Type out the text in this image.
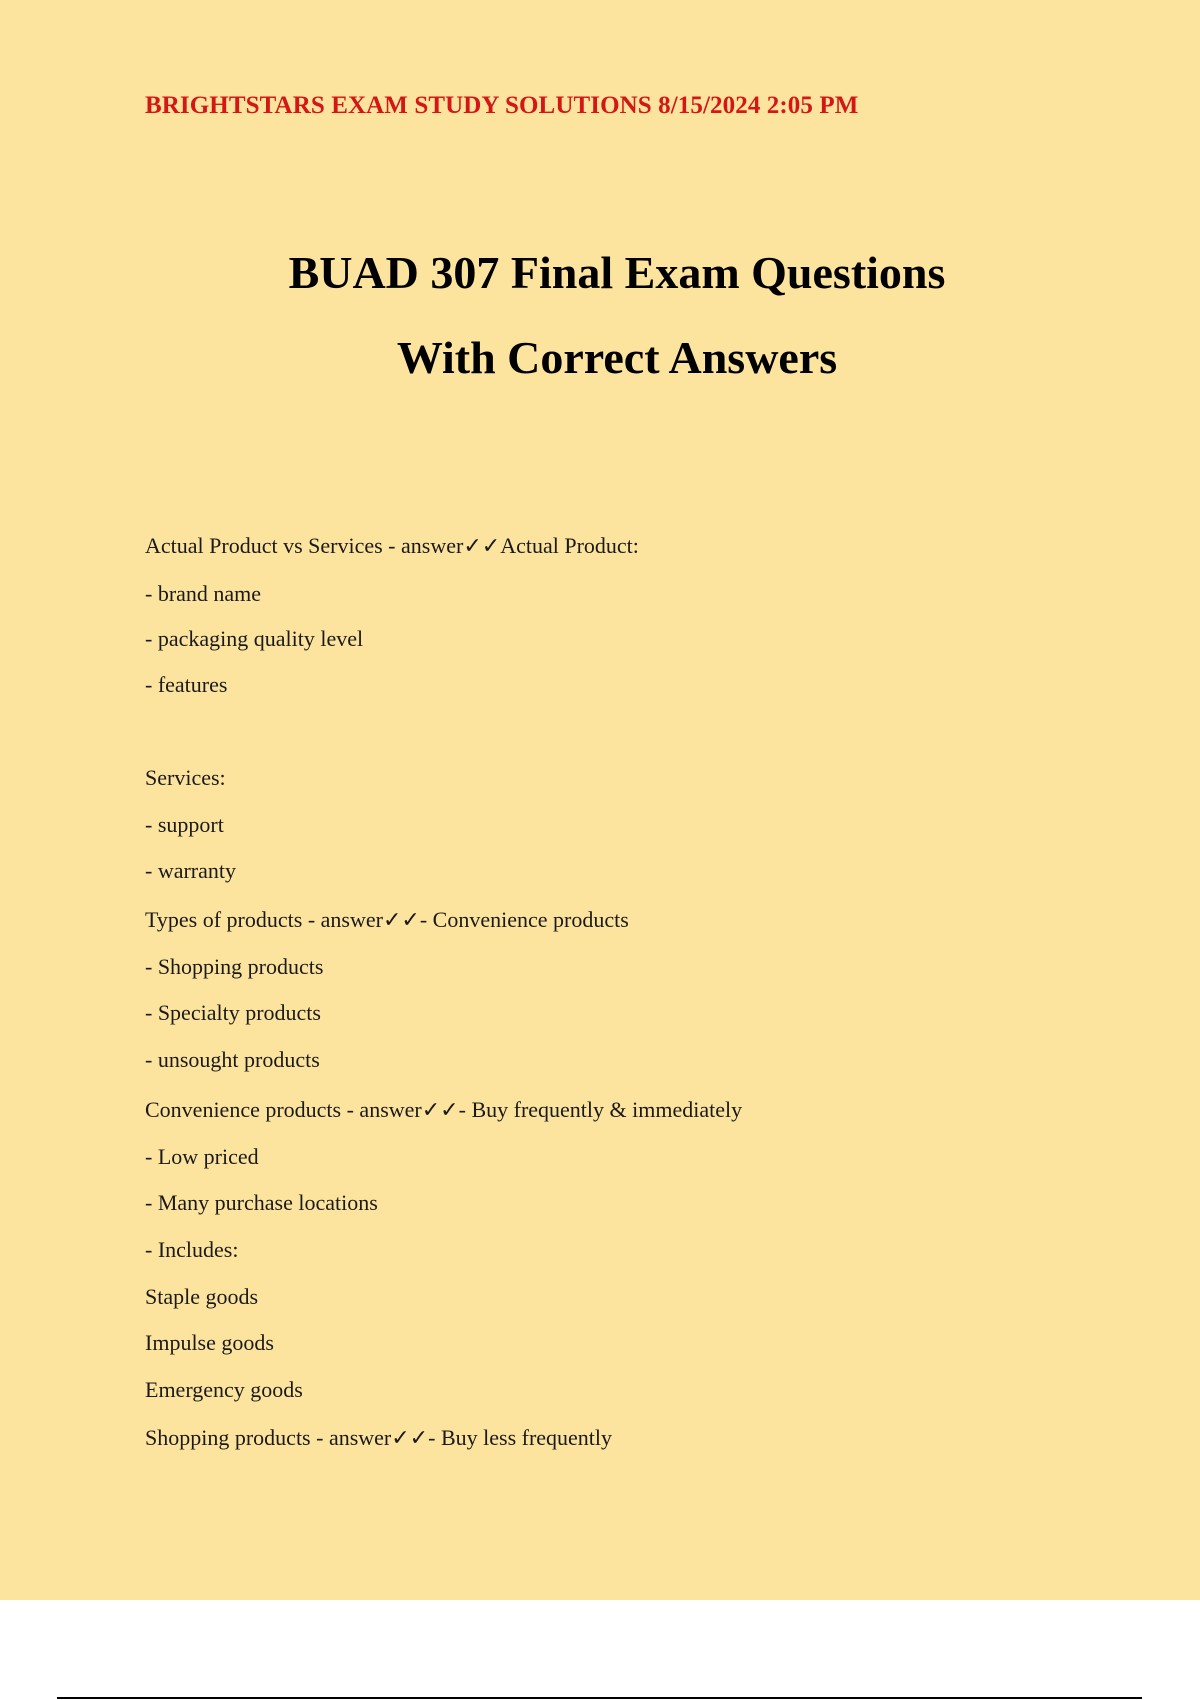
BRIGHTSTARS EXAM STUDY SOLUTIONS 8/15/2024 2:05 PM
BUAD 307 Final Exam Questions
With Correct Answers
Actual Product vs Services - answer✓✓Actual Product:
- brand name
- packaging quality level
- features
Services:
- support
- warranty
Types of products - answer✓✓- Convenience products
- Shopping products
- Specialty products
- unsought products
Convenience products - answer✓✓- Buy frequently & immediately
- Low priced
- Many purchase locations
- Includes:
Staple goods
Impulse goods
Emergency goods
Shopping products - answer✓✓- Buy less frequently
